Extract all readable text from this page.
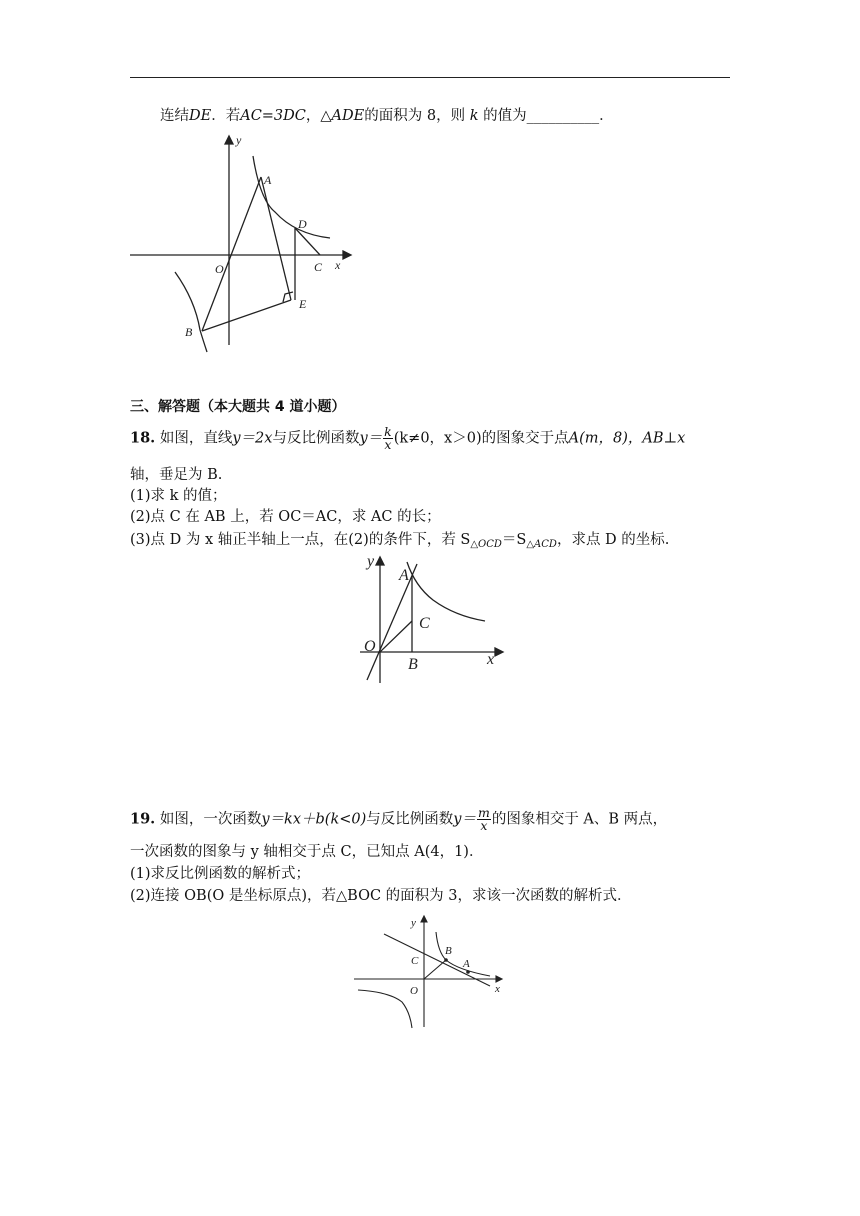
连结DE．若AC=3DC，△ADE的面积为 8，则 k 的值为__________．
y
x
O
A
D
C
B
E
三、解答题（本大题共 4 道小题）
18. 如图，直线y＝2x与反比例函数$y= \frac{k}{x} (k\ne 0$，x＞0)的图象交于点A(m，8)，AB⊥x
轴，垂足为 B.
(1)求 k 的值；
(2)点 C 在 AB 上，若 OC＝AC，求 AC 的长；
(3)点 D 为 x 轴正半轴上一点，在(2)的条件下，若 $S_{\triangle OCD}=S_{\triangle ACD}$，求点 D 的坐标.
y
A
C
O
B	x
19. 如图，一次函数y＝kx＋b(k<0)与反比例函数$y= \frac{m}{x}$ 的图象相交于 A、B 两点，
一次函数的图象与 y 轴相交于点 C，已知点 A(4，1)．
(1)求反比例函数的解析式；
(2)连接 OB(O 是坐标原点)，若△BOC 的面积为 3，求该一次函数的解析式．
y
C
B
A
O	x
